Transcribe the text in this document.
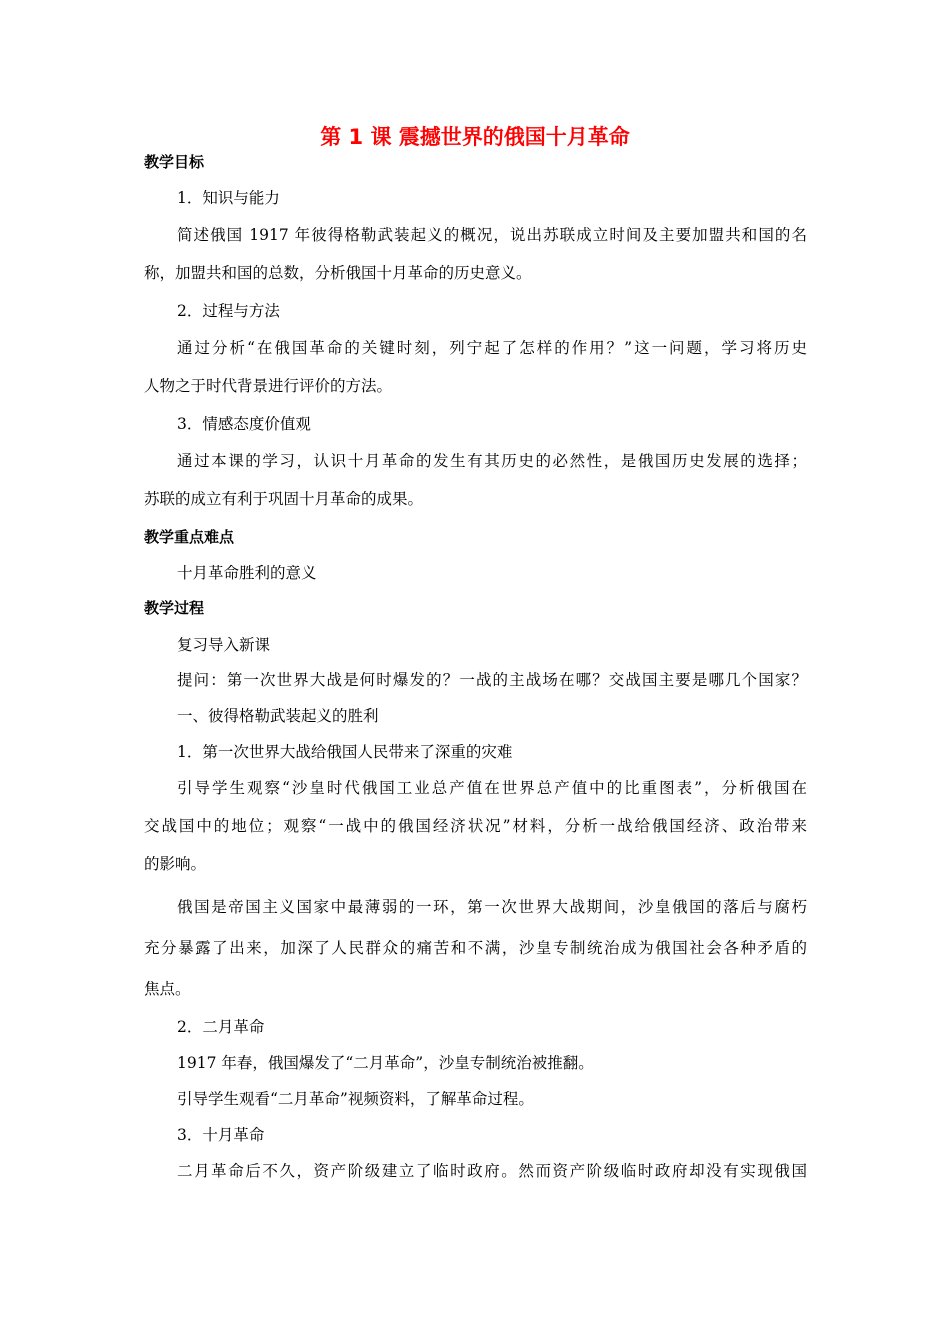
第 1 课 震撼世界的俄国十月革命
教学目标
1．知识与能力
简述俄国 1917 年彼得格勒武装起义的概况，说出苏联成立时间及主要加盟共和国的名
称，加盟共和国的总数，分析俄国十月革命的历史意义。
2．过程与方法
通过分析“在俄国革命的关键时刻，列宁起了怎样的作用？”这一问题，学习将历史
人物之于时代背景进行评价的方法。
3．情感态度价值观
通过本课的学习，认识十月革命的发生有其历史的必然性，是俄国历史发展的选择；
苏联的成立有利于巩固十月革命的成果。
教学重点难点
十月革命胜利的意义
教学过程
复习导入新课
提问：第一次世界大战是何时爆发的？一战的主战场在哪？交战国主要是哪几个国家？
一、彼得格勒武装起义的胜利
1．第一次世界大战给俄国人民带来了深重的灾难
引导学生观察“沙皇时代俄国工业总产值在世界总产值中的比重图表”，分析俄国在
交战国中的地位；观察“一战中的俄国经济状况”材料，分析一战给俄国经济、政治带来
的影响。
俄国是帝国主义国家中最薄弱的一环，第一次世界大战期间，沙皇俄国的落后与腐朽
充分暴露了出来，加深了人民群众的痛苦和不满，沙皇专制统治成为俄国社会各种矛盾的
焦点。
2．二月革命
1917 年春，俄国爆发了“二月革命”，沙皇专制统治被推翻。
引导学生观看“二月革命”视频资料，了解革命过程。
3．十月革命
二月革命后不久，资产阶级建立了临时政府。然而资产阶级临时政府却没有实现俄国
